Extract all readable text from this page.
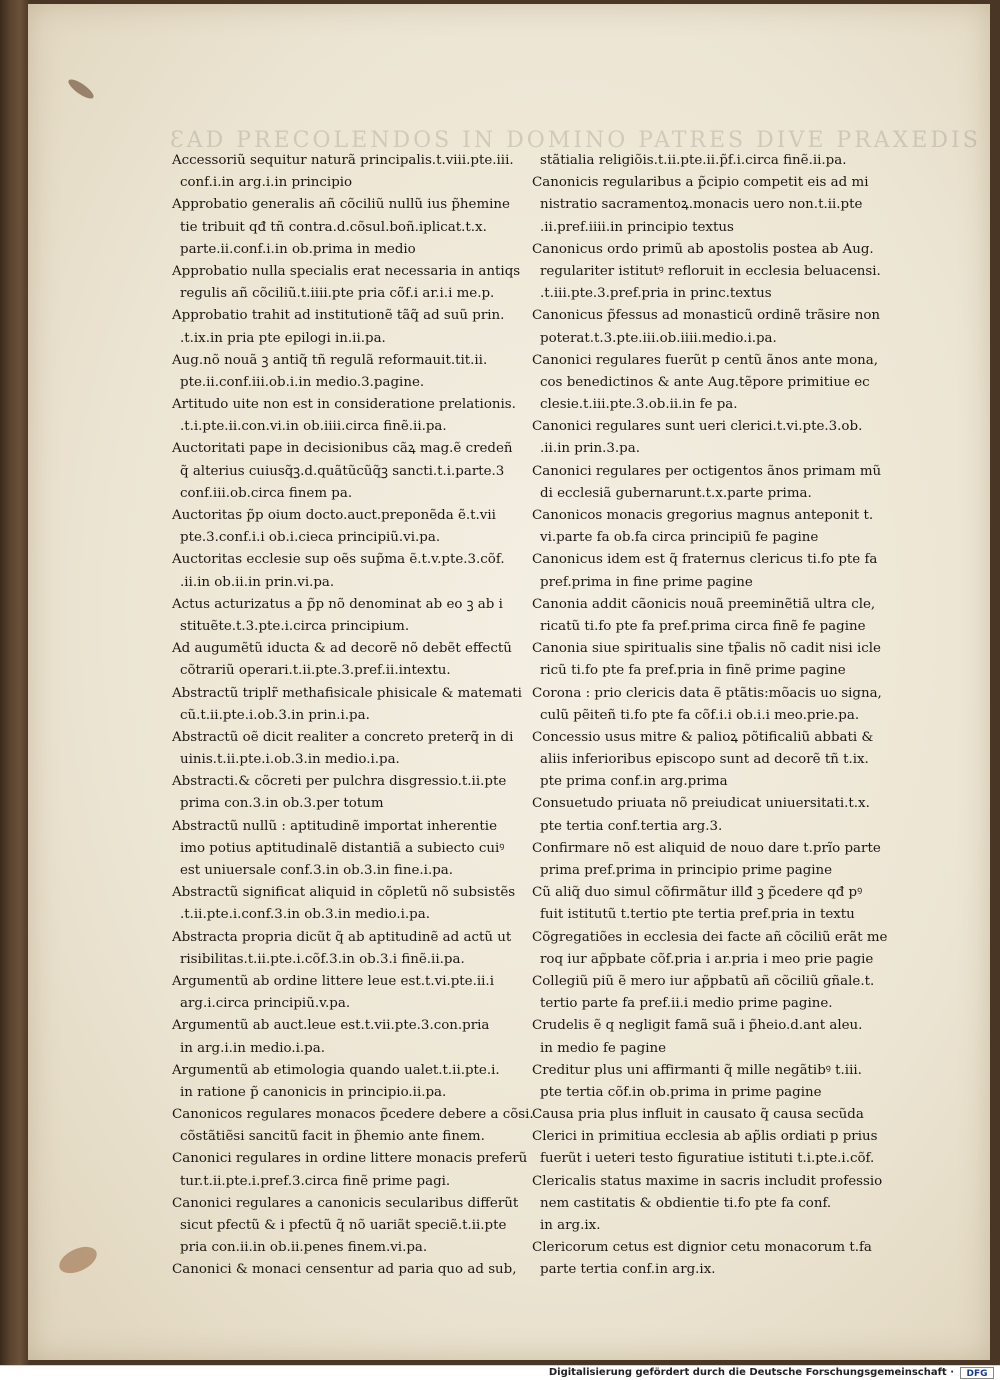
ƐAD PRECOLENDOS IN DOMINO PATRES DIVE PRAXEDIS
Accessoriũ sequitur naturã principalis.t.viii.pte.iii.
conf.i.in arg.i.in principio
Approbatio generalis añ cõciliũ nullũ ius p̃hemine
tie tribuit qđ tñ contra.d.cõsul.boñ.iplicat.t.x.
parte.ii.conf.i.in ob.prima in medio
Approbatio nulla specialis erat necessaria in antiqs
regulis añ cõciliũ.t.iiii.pte pria cõf.i ar.i.i me.p.
Approbatio trahit ad institutionẽ tãq̃ ad suũ prin.
.t.ix.in pria pte epilogi in.ii.pa.
Aug.nõ nouã ꝫ antiq̃ tñ regulã reformauit.tit.ii.
pte.ii.conf.iii.ob.i.in medio.3.pagine.
Artitudo uite non est in consideratione prelationis.
.t.i.pte.ii.con.vi.in ob.iiii.circa finẽ.ii.pa.
Auctoritati pape in decisionibus cãꝝ mag.ẽ credeñ
q̃ alterius cuiusq̃ꝫ.d.quãtũcũq̃ꝫ sancti.t.i.parte.3
conf.iii.ob.circa finem pa.
Auctoritas p̃p oium docto.auct.preponẽda ẽ.t.vii
pte.3.conf.i.i ob.i.cieca principiũ.vi.pa.
Auctoritas ecclesie sup oẽs sup̃ma ẽ.t.v.pte.3.cõf.
.ii.in ob.ii.in prin.vi.pa.
Actus acturizatus a p̃p nõ denominat ab eo ꝫ ab i
stituẽte.t.3.pte.i.circa principium.
Ad augumẽtũ iducta & ad decorẽ nõ debẽt effectũ
cõtrariũ operari.t.ii.pte.3.pref.ii.intextu.
Abstractũ triplr̃ methafisicale phisicale & matemati
cũ.t.ii.pte.i.ob.3.in prin.i.pa.
Abstractũ oẽ dicit realiter a concreto preterq̃ in di
uinis.t.ii.pte.i.ob.3.in medio.i.pa.
Abstracti.& cõcreti per pulchra disgressio.t.ii.pte
prima con.3.in ob.3.per totum
Abstractũ nullũ : aptitudinẽ importat inherentie
imo potius aptitudinalẽ distantiã a subiecto cuiꝰ
est uniuersale conf.3.in ob.3.in fine.i.pa.
Abstractũ significat aliquid in cõpletũ nõ subsistẽs
.t.ii.pte.i.conf.3.in ob.3.in medio.i.pa.
Abstracta propria dicũt q̃ ab aptitudinẽ ad actũ ut
risibilitas.t.ii.pte.i.cõf.3.in ob.3.i finẽ.ii.pa.
Argumentũ ab ordine littere leue est.t.vi.pte.ii.i
arg.i.circa principiũ.v.pa.
Argumentũ ab auct.leue est.t.vii.pte.3.con.pria
in arg.i.in medio.i.pa.
Argumentũ ab etimologia quando ualet.t.ii.pte.i.
in ratione p̃ canonicis in principio.ii.pa.
Canonicos regulares monacos p̃cedere debere a cõsi.
cõstãtiẽsi sancitũ facit in p̃hemio ante finem.
Canonici regulares in ordine littere monacis preferũ
tur.t.ii.pte.i.pref.3.circa finẽ prime pagi.
Canonici regulares a canonicis secularibus differũt
sicut pfectũ & i pfectũ q̃ nõ uariãt speciẽ.t.ii.pte
pria con.ii.in ob.ii.penes finem.vi.pa.
Canonici & monaci censentur ad paria quo ad sub,
stãtialia religiõis.t.ii.pte.ii.p̃f.i.circa finẽ.ii.pa.
Canonicis regularibus a p̃cipio competit eis ad mi
nistratio sacramentoꝝ.monacis uero non.t.ii.pte
.ii.pref.iiii.in principio textus
Canonicus ordo primũ ab apostolis postea ab Aug.
regulariter istitutꝰ refloruit in ecclesia beluacensi.
.t.iii.pte.3.pref.pria in princ.textus
Canonicus p̃fessus ad monasticũ ordinẽ trãsire non
poterat.t.3.pte.iii.ob.iiii.medio.i.pa.
Canonici regulares fuerũt p centũ ãnos ante mona,
cos benedictinos & ante Aug.tẽpore primitiue ec
clesie.t.iii.pte.3.ob.ii.in fe pa.
Canonici regulares sunt ueri clerici.t.vi.pte.3.ob.
.ii.in prin.3.pa.
Canonici regulares per octigentos ãnos primam mũ
di ecclesiã gubernarunt.t.x.parte prima.
Canonicos monacis gregorius magnus anteponit t.
vi.parte fa ob.fa circa principiũ fe pagine
Canonicus idem est q̃ fraternus clericus ti.fo pte fa
pref.prima in fine prime pagine
Canonia addit cãonicis nouã preeminẽtiã ultra cle,
ricatũ ti.fo pte fa pref.prima circa finẽ fe pagine
Canonia siue spiritualis sine tp̃alis nõ cadit nisi icle
ricũ ti.fo pte fa pref.pria in finẽ prime pagine
Corona : prio clericis data ẽ ptãtis:mõacis uo signa,
culũ pẽiteñ ti.fo pte fa cõf.i.i ob.i.i meo.prie.pa.
Concessio usus mitre & palioꝝ põtificaliũ abbati &
aliis inferioribus episcopo sunt ad decorẽ tñ t.ix.
pte prima conf.in arg.prima
Consuetudo priuata nõ preiudicat uniuersitati.t.x.
pte tertia conf.tertia arg.3.
Confirmare nõ est aliquid de nouo dare t.prĩo parte
prima pref.prima in principio prime pagine
Cũ aliq̃ duo simul cõfirmãtur illđ ꝫ p̃cedere qđ pꝰ
fuit istitutũ t.tertio pte tertia pref.pria in textu
Cõgregatiões in ecclesia dei facte añ cõciliũ erãt me
roq iur ap̃pbate cõf.pria i ar.pria i meo prie pagie
Collegiũ piũ ẽ mero iur ap̃pbatũ añ cõciliũ gñale.t.
tertio parte fa pref.ii.i medio prime pagine.
Crudelis ẽ q negligit famã suã i p̃heio.d.ant aleu.
in medio fe pagine
Creditur plus uni affirmanti q̃ mille negãtibꝰ t.iii.
pte tertia cõf.in ob.prima in prime pagine
Causa pria plus influit in causato q̃ causa secũda
Clerici in primitiua ecclesia ab ap̃lis ordiati p prius
fuerũt i ueteri testo figuratiue istituti t.i.pte.i.cõf.
Clericalis status maxime in sacris includit professio
nem castitatis & obdientie ti.fo pte fa conf.
in arg.ix.
Clericorum cetus est dignior cetu monacorum t.fa
parte tertia conf.in arg.ix.
Digitalisierung gefördert durch die Deutsche Forschungsgemeinschaft ·	DFG
